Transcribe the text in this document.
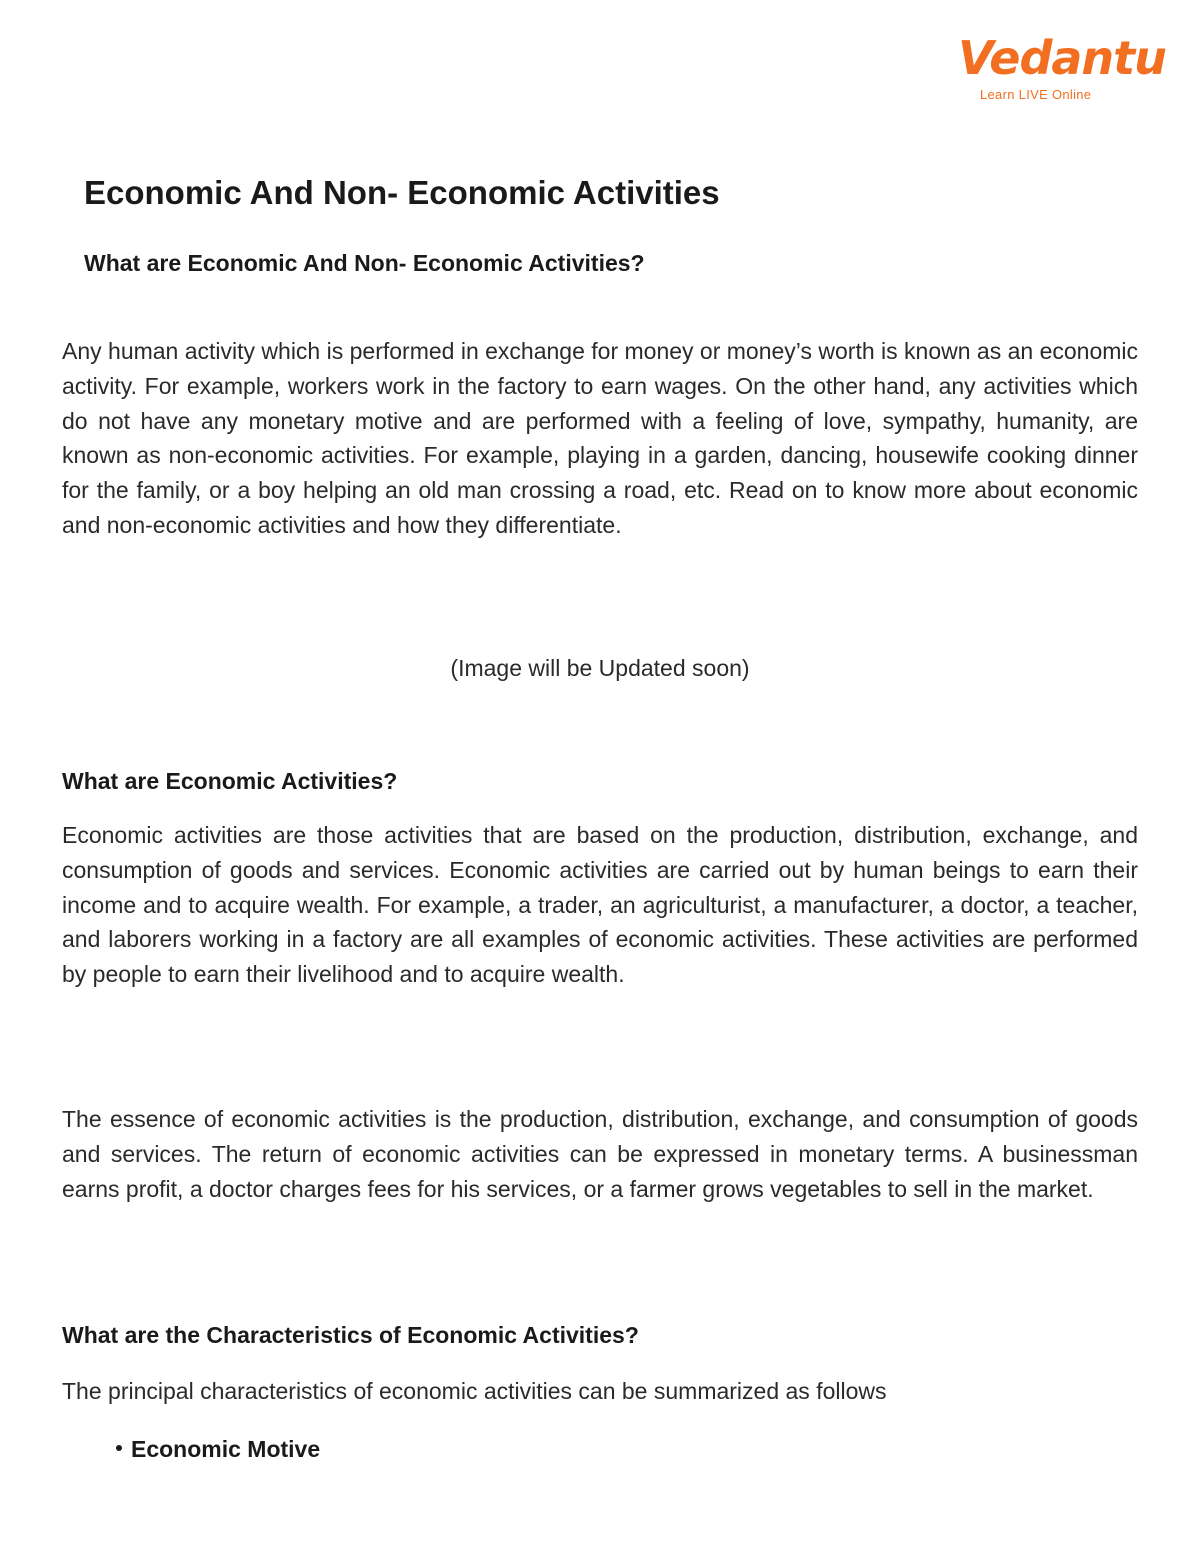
Vedantu
Learn LIVE Online
Economic And Non- Economic Activities
What are Economic And Non- Economic Activities?

Any human activity which is performed in exchange for money or money’s worth is known as an economic activity. For example, workers work in the factory to earn wages. On the other hand, any activities which do not have any monetary motive and are performed with a feeling of love, sympathy, humanity, are known as non-economic activities. For example, playing in a garden, dancing, housewife cooking dinner for the family, or a boy helping an old man crossing a road, etc. Read on to know more about economic and non-economic activities and how they differentiate.

(Image will be Updated soon)

What are Economic Activities?

Economic activities are those activities that are based on the production, distribution, exchange, and consumption of goods and services. Economic activities are carried out by human beings to earn their income and to acquire wealth. For example, a trader, an agriculturist, a manufacturer, a doctor, a teacher, and laborers working in a factory are all examples of economic activities. These activities are performed by people to earn their livelihood and to acquire wealth.

The essence of economic activities is the production, distribution, exchange, and consumption of goods and services. The return of economic activities can be expressed in monetary terms. A businessman earns profit, a doctor charges fees for his services, or a farmer grows vegetables to sell in the market.

What are the Characteristics of Economic Activities?

The principal characteristics of economic activities can be summarized as follows

Economic Motive
